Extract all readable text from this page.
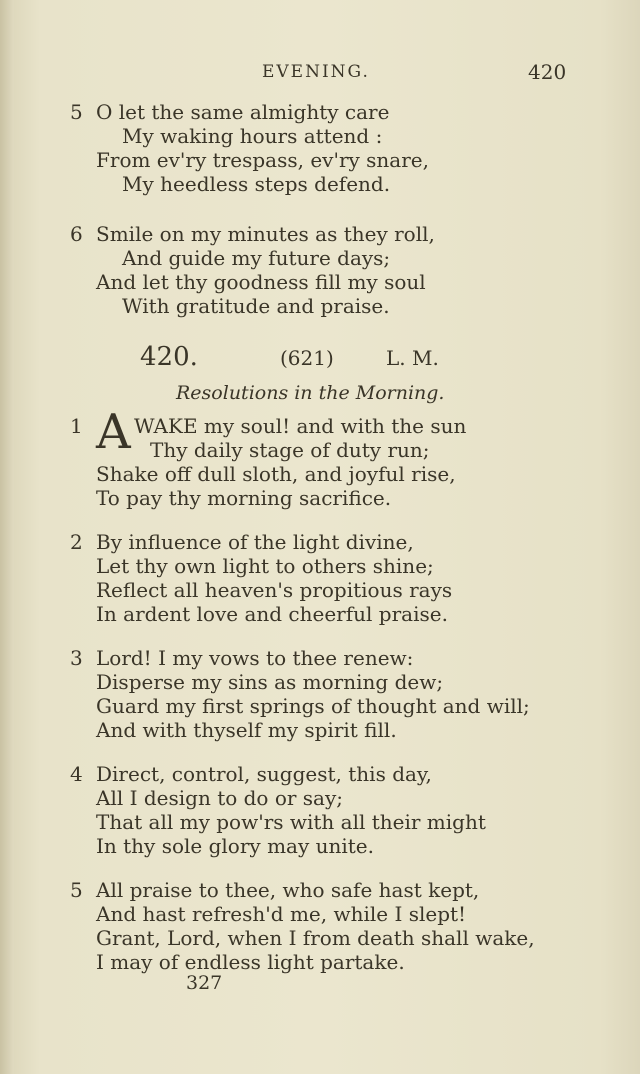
EVENING.	420
5 O let the same almighty care
My waking hours attend :
From ev'ry trespass, ev'ry snare,
My heedless steps defend.
6 Smile on my minutes as they roll,
And guide my future days;
And let thy goodness fill my soul
With gratitude and praise.
420.	(621)	L. M.
Resolutions in the Morning.
1 A WAKE my soul! and with the sun
Thy daily stage of duty run;
Shake off dull sloth, and joyful rise,
To pay thy morning sacrifice.
2 By influence of the light divine,
Let thy own light to others shine;
Reflect all heaven's propitious rays
In ardent love and cheerful praise.
3 Lord! I my vows to thee renew:
Disperse my sins as morning dew;
Guard my first springs of thought and will;
And with thyself my spirit fill.
4 Direct, control, suggest, this day,
All I design to do or say;
That all my pow'rs with all their might
In thy sole glory may unite.
5 All praise to thee, who safe hast kept,
And hast refresh'd me, while I slept!
Grant, Lord, when I from death shall wake,
I may of endless light partake.
327
